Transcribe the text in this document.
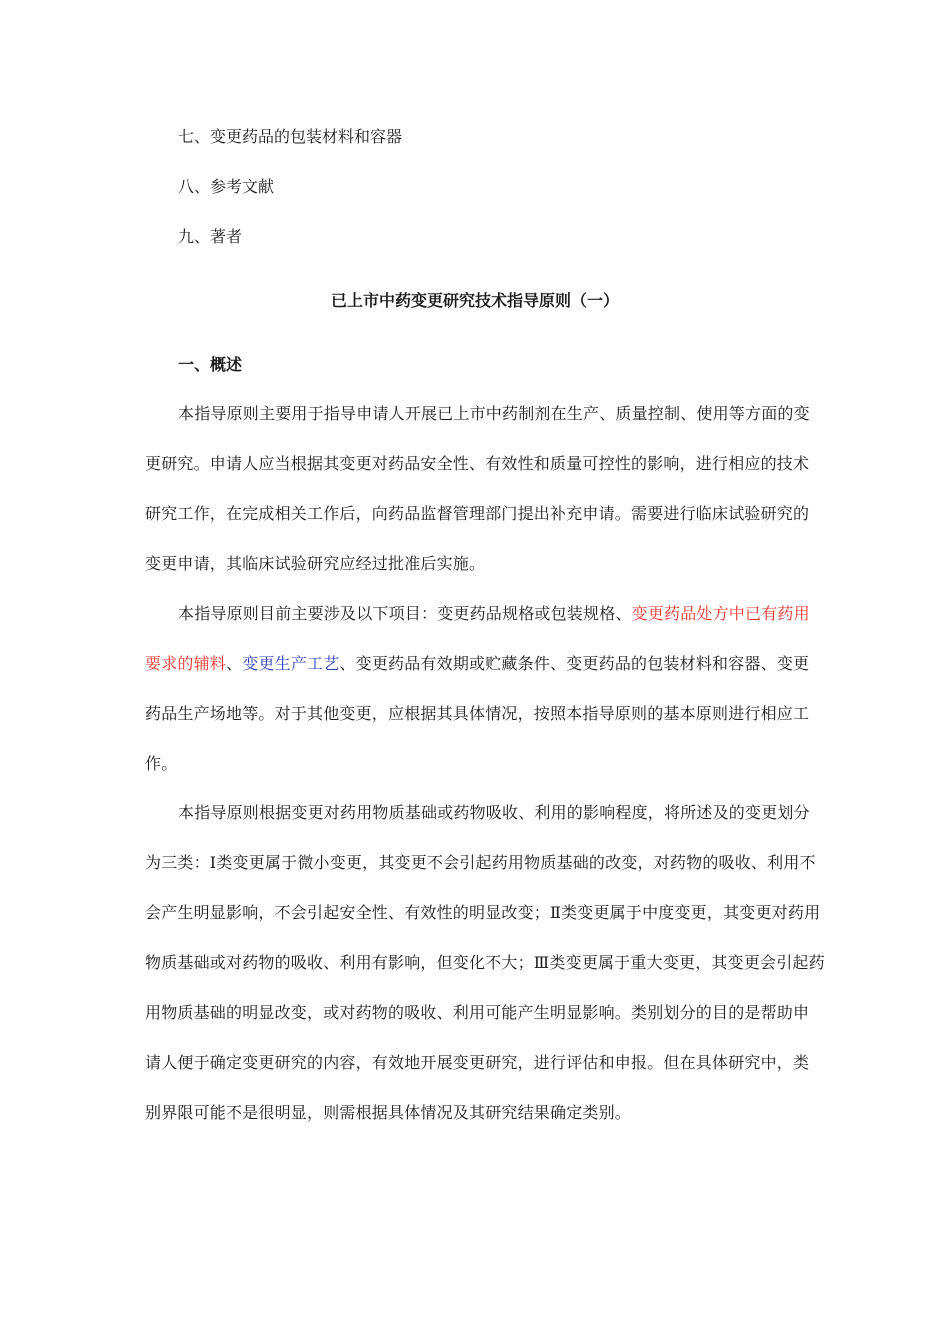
七、变更药品的包装材料和容器
八、参考文献
九、著者
已上市中药变更研究技术指导原则（一）
一、概述
本指导原则主要用于指导申请人开展已上市中药制剂在生产、质量控制、使用等方面的变更研究。申请人应当根据其变更对药品安全性、有效性和质量可控性的影响，进行相应的技术研究工作，在完成相关工作后，向药品监督管理部门提出补充申请。需要进行临床试验研究的变更申请，其临床试验研究应经过批准后实施。
本指导原则目前主要涉及以下项目：变更药品规格或包装规格、变更药品处方中已有药用要求的辅料、变更生产工艺、变更药品有效期或贮藏条件、变更药品的包装材料和容器、变更药品生产场地等。对于其他变更，应根据其具体情况，按照本指导原则的基本原则进行相应工作。
本指导原则根据变更对药用物质基础或药物吸收、利用的影响程度，将所述及的变更划分为三类：Ⅰ类变更属于微小变更，其变更不会引起药用物质基础的改变，对药物的吸收、利用不会产生明显影响，不会引起安全性、有效性的明显改变；Ⅱ类变更属于中度变更，其变更对药用物质基础或对药物的吸收、利用有影响，但变化不大；Ⅲ类变更属于重大变更，其变更会引起药用物质基础的明显改变，或对药物的吸收、利用可能产生明显影响。类别划分的目的是帮助申请人便于确定变更研究的内容，有效地开展变更研究，进行评估和申报。但在具体研究中，类别界限可能不是很明显，则需根据具体情况及其研究结果确定类别。
